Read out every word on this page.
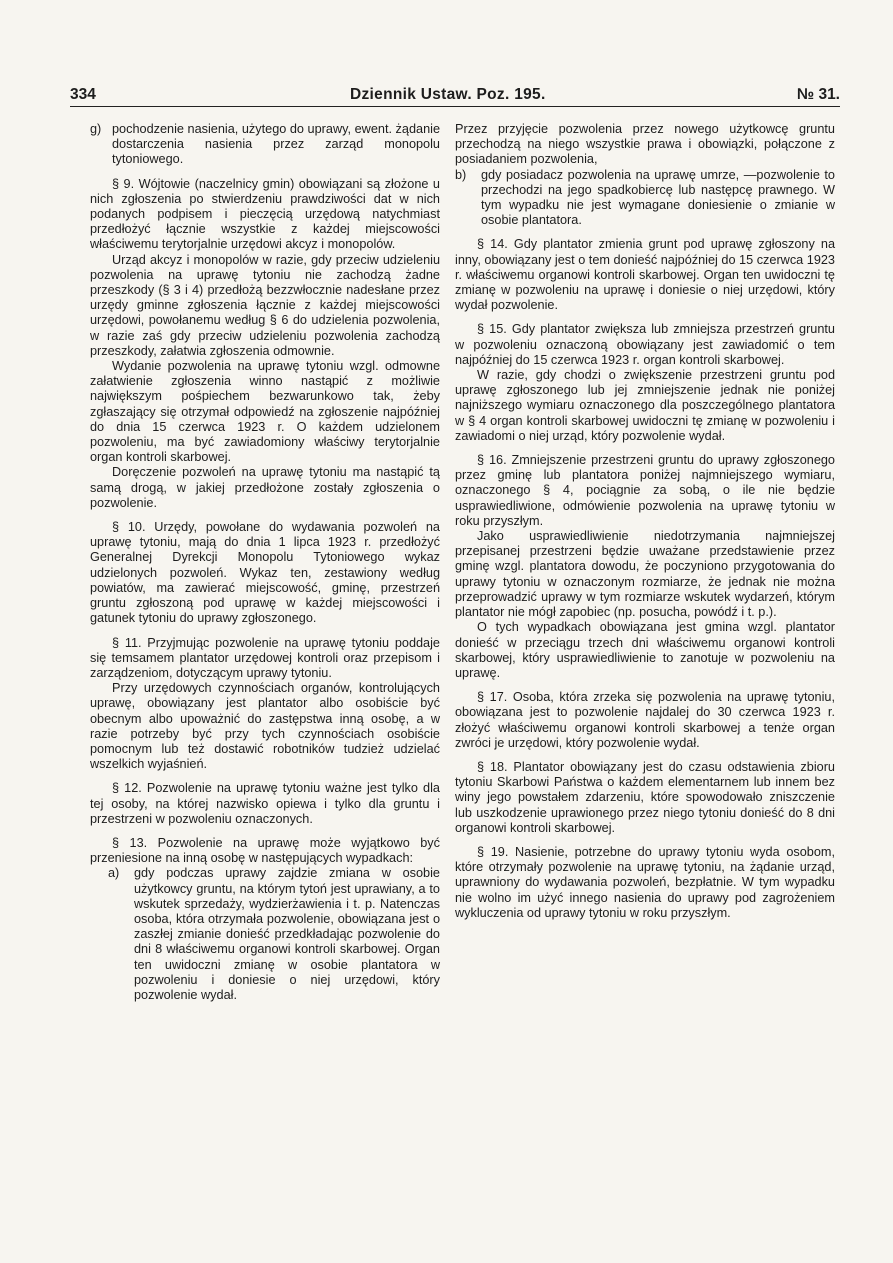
334	Dziennik Ustaw. Poz. 195.	№ 31.
g) pochodzenie nasienia, użytego do uprawy, ewent. żądanie dostarczenia nasienia przez zarząd monopolu tytoniowego.

§ 9. Wójtowie (naczelnicy gmin) obowiązani są złożone u nich zgłoszenia po stwierdzeniu prawdziwości dat w nich podanych podpisem i pieczęcią urzędową natychmiast przedłożyć łącznie wszystkie z każdej miejscowości właściwemu terytorjalnie urzędowi akcyz i monopolów.

Urząd akcyz i monopolów w razie, gdy przeciw udzieleniu pozwolenia na uprawę tytoniu nie zachodzą żadne przeszkody (§ 3 i 4) przedłożą bezzwłocznie nadesłane przez urzędy gminne zgłoszenia łącznie z każdej miejscowości urzędowi, powołanemu według § 6 do udzielenia pozwolenia, w razie zaś gdy przeciw udzieleniu pozwolenia zachodzą przeszkody, załatwia zgłoszenia odmownie.

Wydanie pozwolenia na uprawę tytoniu wzgl. odmowne załatwienie zgłoszenia winno nastąpić z możliwie największym pośpiechem bezwarunkowo tak, żeby zgłaszający się otrzymał odpowiedź na zgłoszenie najpóźniej do dnia 15 czerwca 1923 r. O każdem udzielonem pozwoleniu, ma być zawiadomiony właściwy terytorjalnie organ kontroli skarbowej.

Doręczenie pozwoleń na uprawę tytoniu ma nastąpić tą samą drogą, w jakiej przedłożone zostały zgłoszenia o pozwolenie.

§ 10. Urzędy, powołane do wydawania pozwoleń na uprawę tytoniu, mają do dnia 1 lipca 1923 r. przedłożyć Generalnej Dyrekcji Monopolu Tytoniowego wykaz udzielonych pozwoleń. Wykaz ten, zestawiony według powiatów, ma zawierać miejscowość, gminę, przestrzeń gruntu zgłoszoną pod uprawę w każdej miejscowości i gatunek tytoniu do uprawy zgłoszonego.

§ 11. Przyjmując pozwolenie na uprawę tytoniu poddaje się temsamem plantator urzędowej kontroli oraz przepisom i zarządzeniom, dotyczącym uprawy tytoniu.

Przy urzędowych czynnościach organów, kontrolujących uprawę, obowiązany jest plantator albo osobiście być obecnym albo upoważnić do zastępstwa inną osobę, a w razie potrzeby być przy tych czynnościach osobiście pomocnym lub też dostawić robotników tudzież udzielać wszelkich wyjaśnień.

§ 12. Pozwolenie na uprawę tytoniu ważne jest tylko dla tej osoby, na której nazwisko opiewa i tylko dla gruntu i przestrzeni w pozwoleniu oznaczonych.

§ 13. Pozwolenie na uprawę może wyjątkowo być przeniesione na inną osobę w następujących wypadkach:

a)	gdy podczas uprawy zajdzie zmiana w osobie użytkowcy gruntu, na którym tytoń jest uprawiany, a to wskutek sprzedaży, wydzierżawienia i t. p. Natenczas osoba, która otrzymała pozwolenie, obowiązana jest o zaszłej zmianie donieść przedkładając pozwolenie do dni 8 właściwemu organowi kontroli skarbowej. Organ ten uwidoczni zmianę w osobie plantatora w pozwoleniu i doniesie o niej urzędowi, który pozwolenie wydał.

Przez przyjęcie pozwolenia przez nowego użytkowcę gruntu przechodzą na niego wszystkie prawa i obowiązki, połączone z posiadaniem pozwolenia,

b)	gdy posiadacz pozwolenia na uprawę umrze, —pozwolenie to przechodzi na jego spadkobiercę lub następcę prawnego. W tym wypadku nie jest wymagane doniesienie o zmianie w osobie plantatora.

§ 14. Gdy plantator zmienia grunt pod uprawę zgłoszony na inny, obowiązany jest o tem donieść najpóźniej do 15 czerwca 1923 r. właściwemu organowi kontroli skarbowej. Organ ten uwidoczni tę zmianę w pozwoleniu na uprawę i doniesie o niej urzędowi, który wydał pozwolenie.

§ 15. Gdy plantator zwiększa lub zmniejsza przestrzeń gruntu w pozwoleniu oznaczoną obowiązany jest zawiadomić o tem najpóźniej do 15 czerwca 1923 r. organ kontroli skarbowej.

W razie, gdy chodzi o zwiększenie przestrzeni gruntu pod uprawę zgłoszonego lub jej zmniejszenie jednak nie poniżej najniższego wymiaru oznaczonego dla poszczególnego plantatora w § 4 organ kontroli skarbowej uwidoczni tę zmianę w pozwoleniu i zawiadomi o niej urząd, który pozwolenie wydał.

§ 16. Zmniejszenie przestrzeni gruntu do uprawy zgłoszonego przez gminę lub plantatora poniżej najmniejszego wymiaru, oznaczonego § 4, pociągnie za sobą, o ile nie będzie usprawiedliwione, odmówienie pozwolenia na uprawę tytoniu w roku przyszłym.

Jako usprawiedliwienie niedotrzymania najmniejszej przepisanej przestrzeni będzie uważane przedstawienie przez gminę wzgl. plantatora dowodu, że poczyniono przygotowania do uprawy tytoniu w oznaczonym rozmiarze, że jednak nie można przeprowadzić uprawy w tym rozmiarze wskutek wydarzeń, którym plantator nie mógł zapobiec (np. posucha, powódź i t. p.).

O tych wypadkach obowiązana jest gmina wzgl. plantator donieść w przeciągu trzech dni właściwemu organowi kontroli skarbowej, który usprawiedliwienie to zanotuje w pozwoleniu na uprawę.

§ 17. Osoba, która zrzeka się pozwolenia na uprawę tytoniu, obowiązana jest to pozwolenie najdalej do 30 czerwca 1923 r. złożyć właściwemu organowi kontroli skarbowej a tenże organ zwróci je urzędowi, który pozwolenie wydał.

§ 18. Plantator obowiązany jest do czasu odstawienia zbioru tytoniu Skarbowi Państwa o każdem elementarnem lub innem bez winy jego powstałem zdarzeniu, które spowodowało zniszczenie lub uszkodzenie uprawionego przez niego tytoniu donieść do 8 dni organowi kontroli skarbowej.

§ 19. Nasienie, potrzebne do uprawy tytoniu wyda osobom, które otrzymały pozwolenie na uprawę tytoniu, na żądanie urząd, uprawniony do wydawania pozwoleń, bezpłatnie. W tym wypadku nie wolno im użyć innego nasienia do uprawy pod zagrożeniem wykluczenia od uprawy tytoniu w roku przyszłym.
